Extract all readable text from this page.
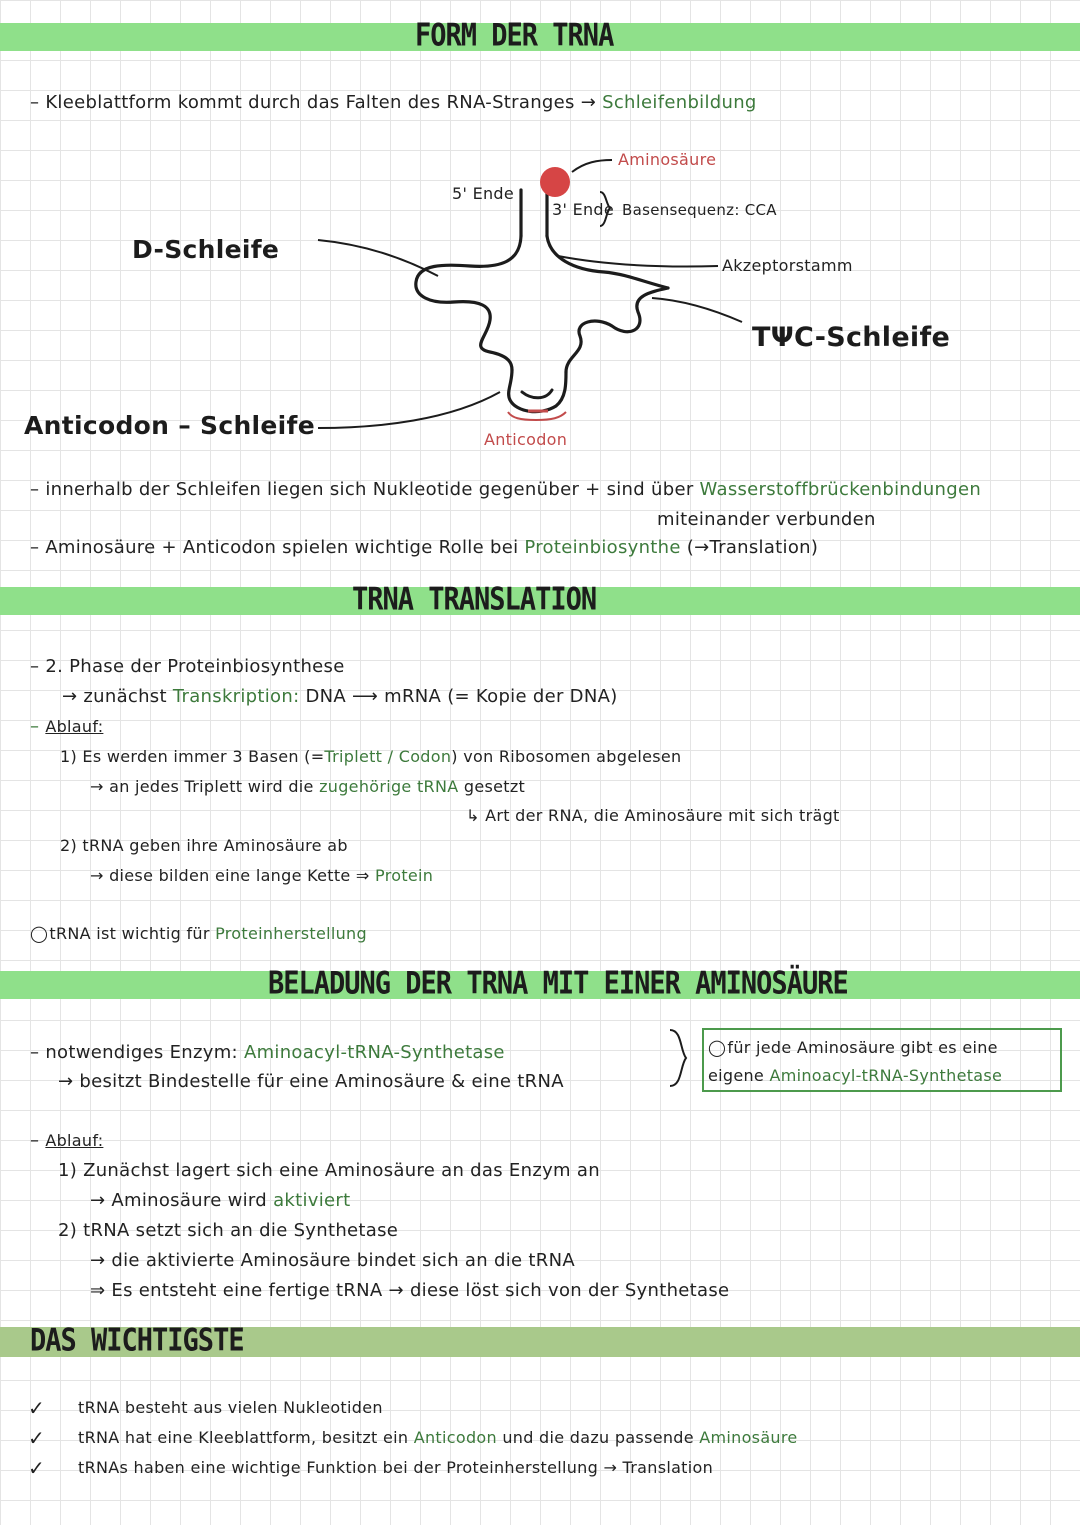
FORM DER TRNA
– Kleeblattform kommt durch das Falten des RNA-Stranges → Schleifenbildung
Aminosäure
5' Ende
3' Ende Basensequenz: CCA
D-Schleife
Akzeptorstamm
TΨC-Schleife
Anticodon – Schleife	Anticodon
– innerhalb der Schleifen liegen sich Nukleotide gegenüber + sind über Wasserstoffbrückenbindungen
miteinander verbunden
– Aminosäure + Anticodon spielen wichtige Rolle bei Proteinbiosynthe (→Translation)
TRNA TRANSLATION
– 2. Phase der Proteinbiosynthese
→ zunächst Transkription: DNA ⟶ mRNA (= Kopie der DNA)
– Ablauf:
1) Es werden immer 3 Basen (=Triplett / Codon) von Ribosomen abgelesen
→ an jedes Triplett wird die zugehörige tRNA gesetzt
↳ Art der RNA, die Aminosäure mit sich trägt
2) tRNA geben ihre Aminosäure ab
→ diese bilden eine lange Kette ⇒ Protein
◯ tRNA ist wichtig für Proteinherstellung
BELADUNG DER TRNA MIT EINER AMINOSÄURE
– notwendiges Enzym: Aminoacyl-tRNA-Synthetase
→ besitzt Bindestelle für eine Aminosäure & eine tRNA
◯ für jede Aminosäure gibt es eine
eigene Aminoacyl-tRNA-Synthetase
– Ablauf:
1) Zunächst lagert sich eine Aminosäure an das Enzym an
→ Aminosäure wird aktiviert
2) tRNA setzt sich an die Synthetase
→ die aktivierte Aminosäure bindet sich an die tRNA
⇒ Es entsteht eine fertige tRNA → diese löst sich von der Synthetase
DAS WICHTIGSTE
✓ tRNA besteht aus vielen Nukleotiden
✓ tRNA hat eine Kleeblattform, besitzt ein Anticodon und die dazu passende Aminosäure
✓ tRNAs haben eine wichtige Funktion bei der Proteinherstellung → Translation
